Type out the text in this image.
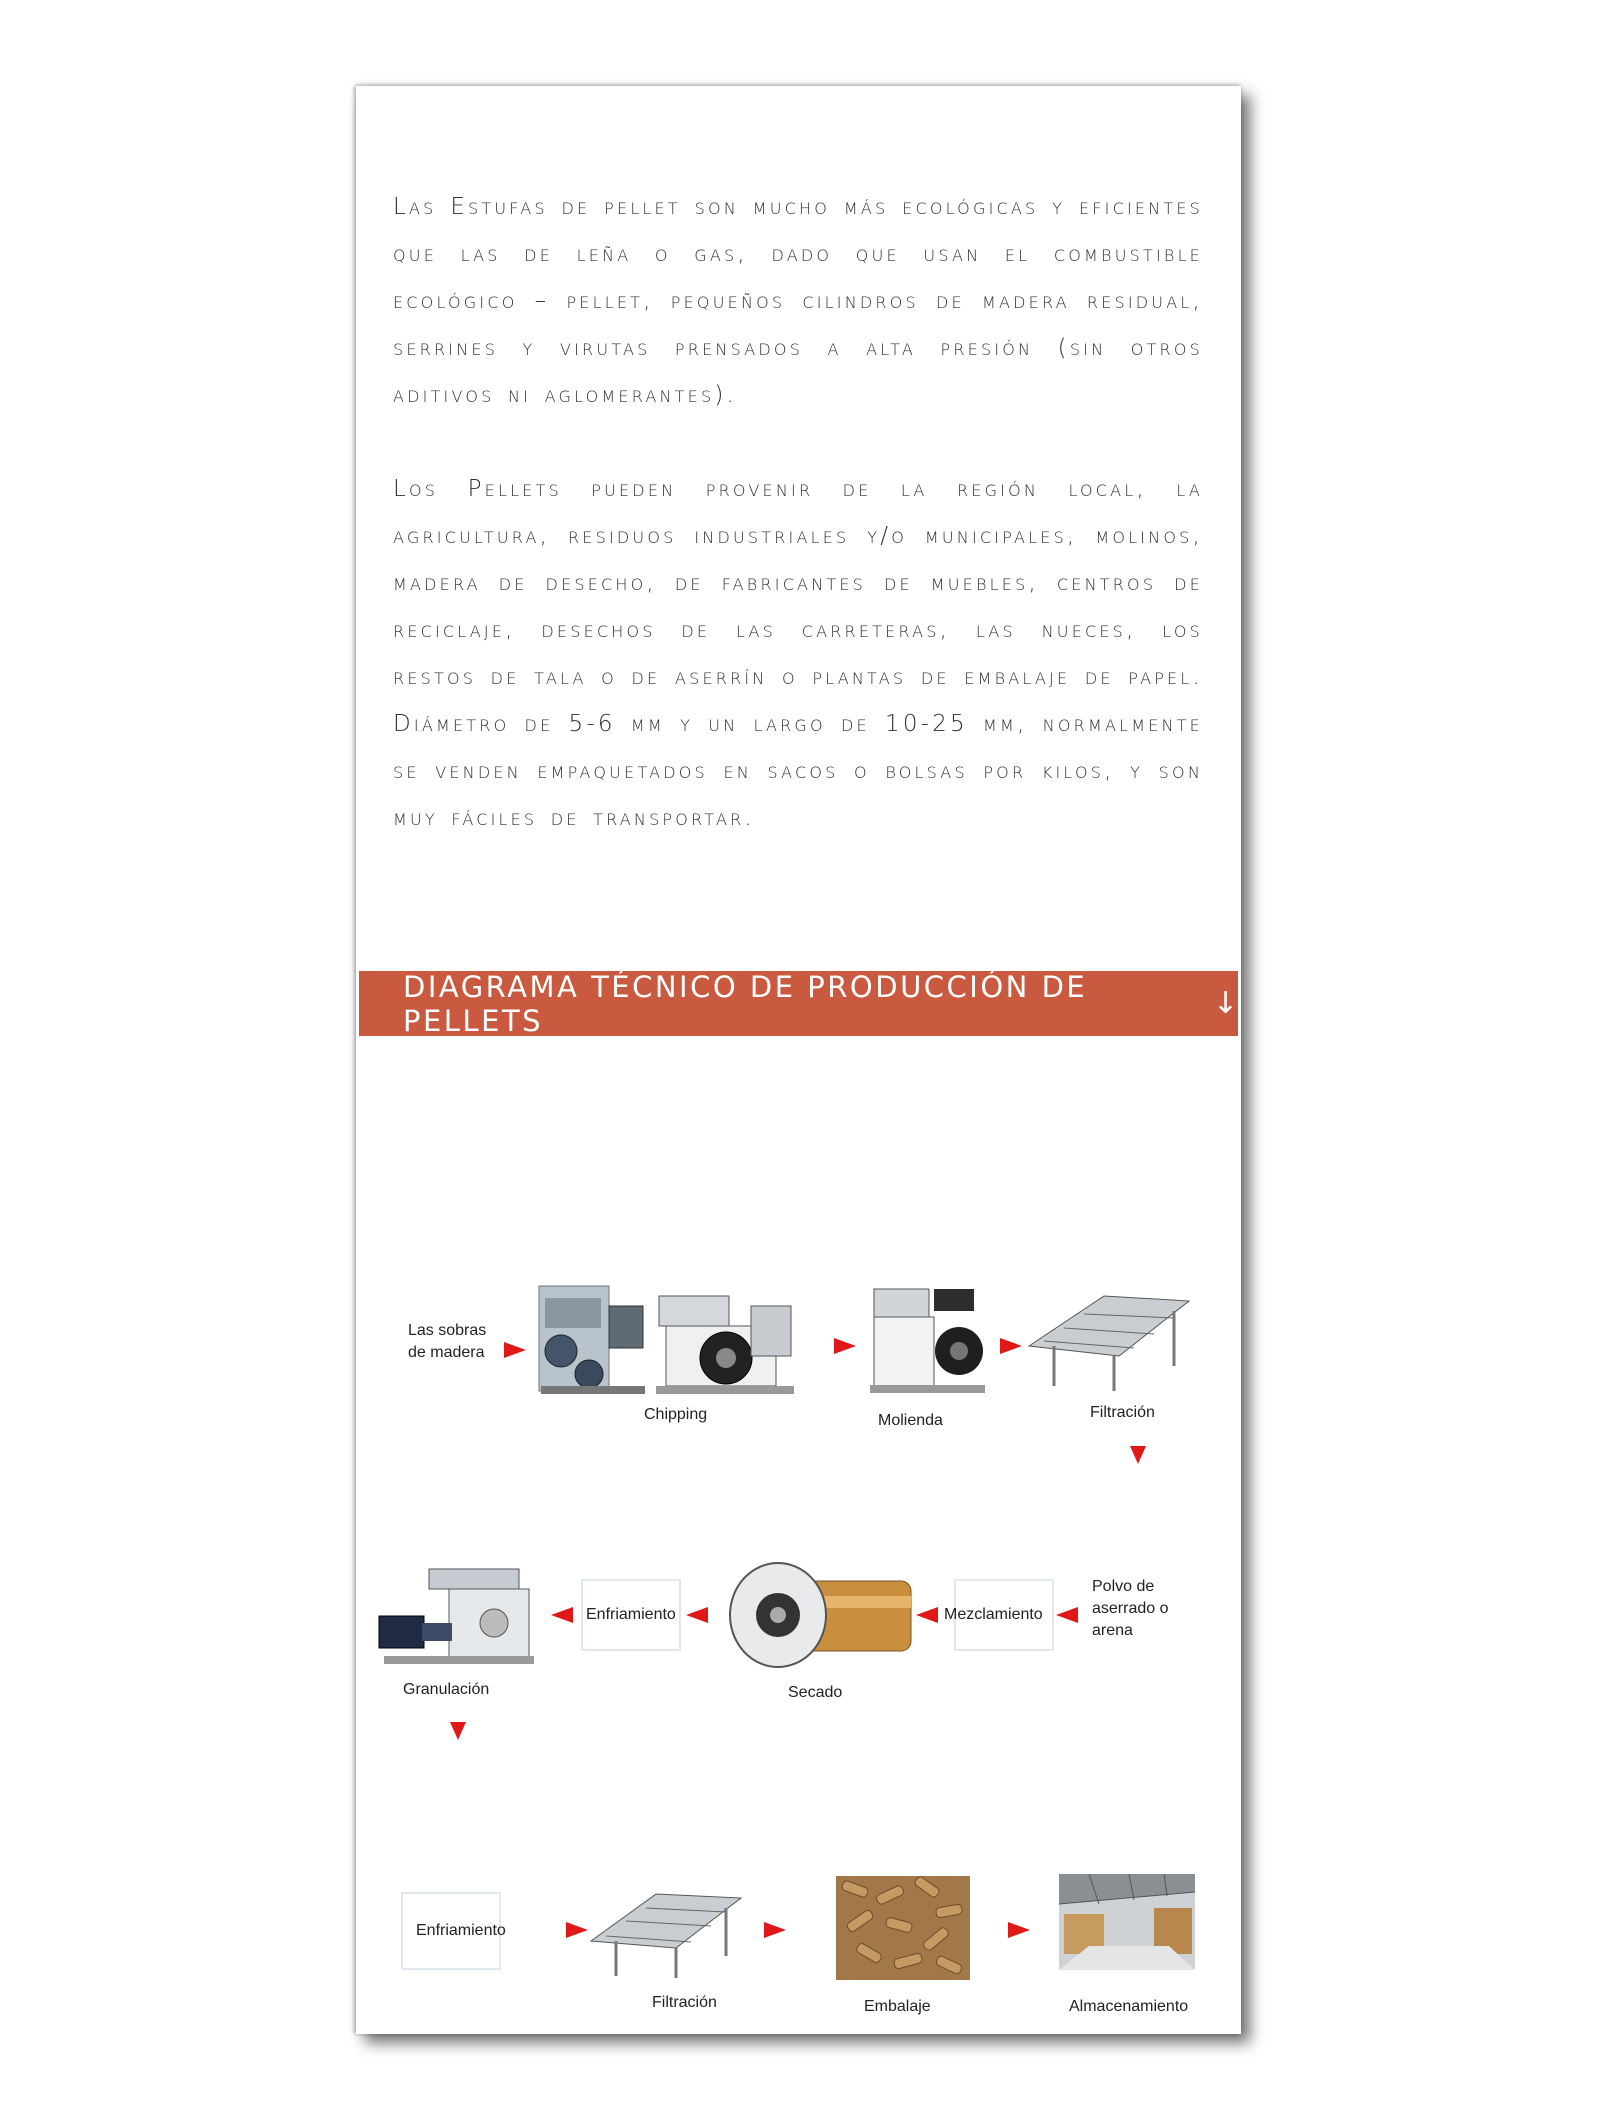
Las Estufas de pellet son mucho más ecológicas y eficientes que las de leña o gas, dado que usan el combustible ecológico – pellet, pequeños cilindros de madera residual, serrines y virutas prensados a alta presión (sin otros aditivos ni aglomerantes).

Los Pellets pueden provenir de la región local, la agricultura, residuos industriales y/o municipales, molinos, madera de desecho, de fabricantes de muebles, centros de reciclaje, desechos de las carreteras, las nueces, los restos de tala o de aserrín o plantas de embalaje de papel. Diámetro de 5-6 mm y un largo de 10-25 mm, normalmente se venden empaquetados en sacos o bolsas por kilos, y son muy fáciles de transportar.

DIAGRAMA TÉCNICO DE PRODUCCIÓN DE PELLETS	↓
Las sobras
de madera
Chipping	Molienda	Filtración
Granulación
Enfriamiento
Secado
Mezclamiento
Polvo de
aserrado o
arena
Enfriamiento
Filtración	Embalaje	Almacenamiento
